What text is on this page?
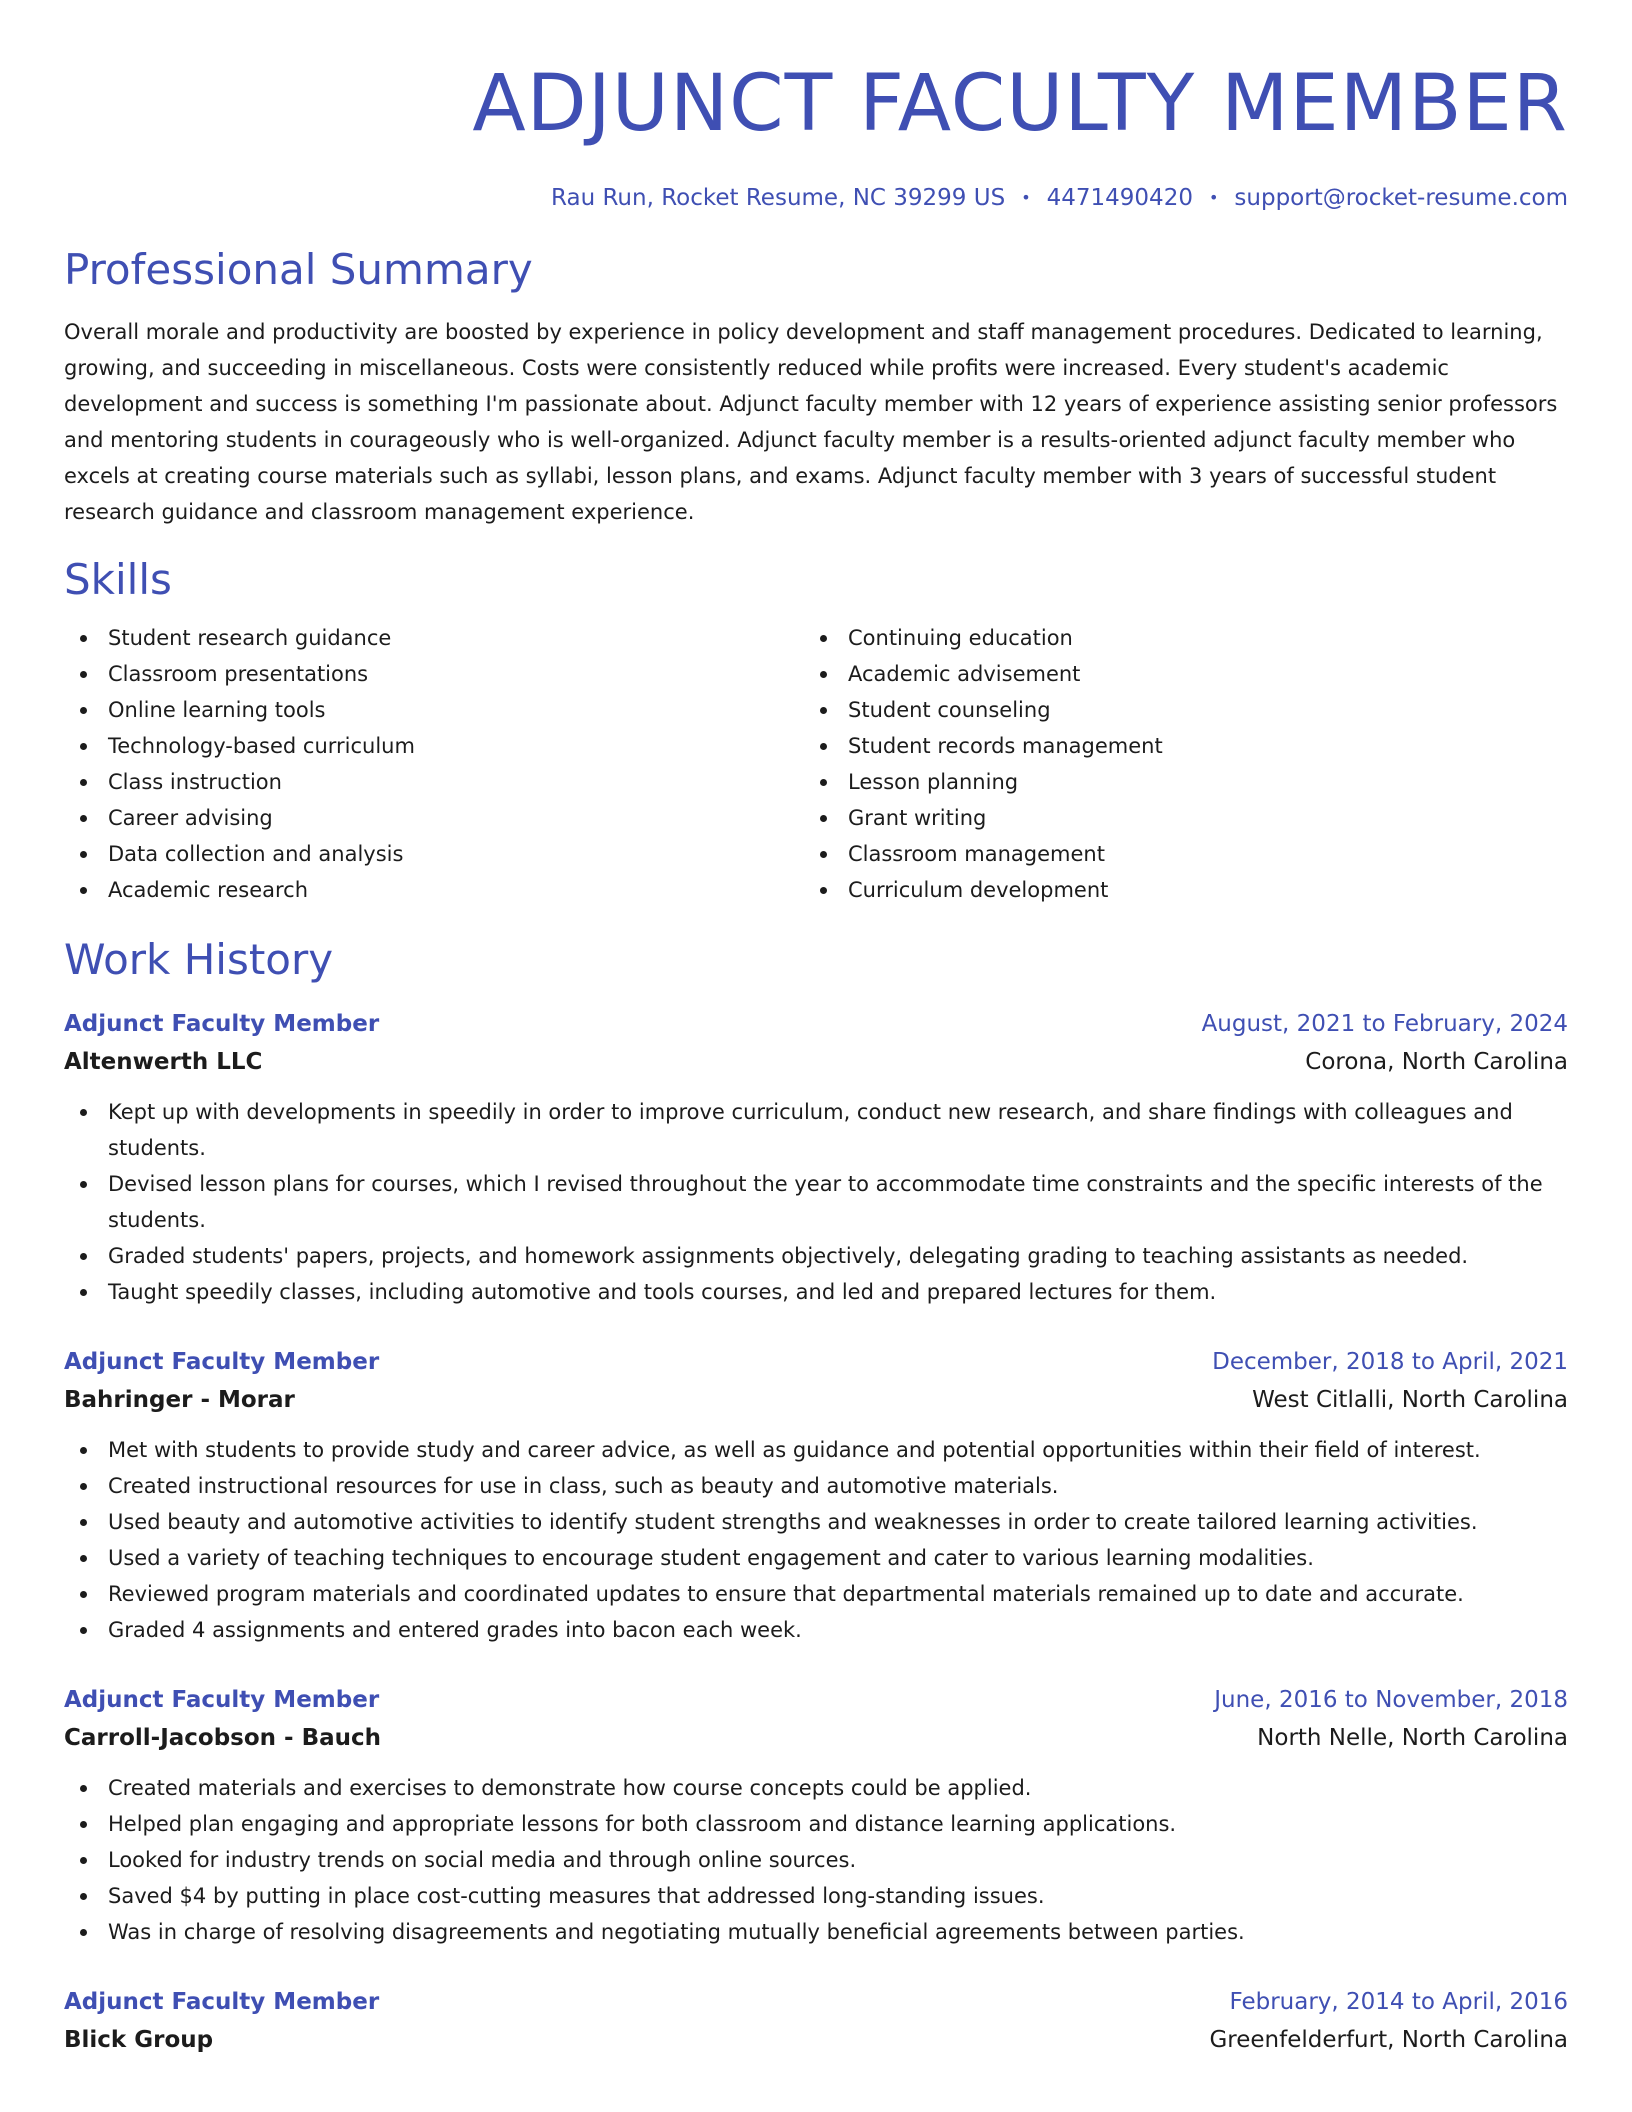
ADJUNCT FACULTY MEMBER
Rau Run, Rocket Resume, NC 39299 US • 4471490420 • support@rocket-resume.com
Professional Summary

Overall morale and productivity are boosted by experience in policy development and staff management procedures. Dedicated to learning, growing, and succeeding in miscellaneous. Costs were consistently reduced while profits were increased. Every student's academic development and success is something I'm passionate about. Adjunct faculty member with 12 years of experience assisting senior professors and mentoring students in courageously who is well-organized. Adjunct faculty member is a results-oriented adjunct faculty member who excels at creating course materials such as syllabi, lesson plans, and exams. Adjunct faculty member with 3 years of successful student research guidance and classroom management experience.

Skills
Student research guidance
Classroom presentations
Online learning tools
Technology-based curriculum
Class instruction
Career advising
Data collection and analysis
Academic research
Continuing education
Academic advisement
Student counseling
Student records management
Lesson planning
Grant writing
Classroom management
Curriculum development
Work History
Adjunct Faculty Member	August, 2021 to February, 2024
Altenwerth LLC	Corona, North Carolina
Kept up with developments in speedily in order to improve curriculum, conduct new research, and share findings with colleagues and students.
Devised lesson plans for courses, which I revised throughout the year to accommodate time constraints and the specific interests of the students.
Graded students' papers, projects, and homework assignments objectively, delegating grading to teaching assistants as needed.
Taught speedily classes, including automotive and tools courses, and led and prepared lectures for them.
Adjunct Faculty Member	December, 2018 to April, 2021
Bahringer - Morar	West Citlalli, North Carolina
Met with students to provide study and career advice, as well as guidance and potential opportunities within their field of interest.
Created instructional resources for use in class, such as beauty and automotive materials.
Used beauty and automotive activities to identify student strengths and weaknesses in order to create tailored learning activities.
Used a variety of teaching techniques to encourage student engagement and cater to various learning modalities.
Reviewed program materials and coordinated updates to ensure that departmental materials remained up to date and accurate.
Graded 4 assignments and entered grades into bacon each week.
Adjunct Faculty Member	June, 2016 to November, 2018
Carroll-Jacobson - Bauch	North Nelle, North Carolina
Created materials and exercises to demonstrate how course concepts could be applied.
Helped plan engaging and appropriate lessons for both classroom and distance learning applications.
Looked for industry trends on social media and through online sources.
Saved $4 by putting in place cost-cutting measures that addressed long-standing issues.
Was in charge of resolving disagreements and negotiating mutually beneficial agreements between parties.
Adjunct Faculty Member	February, 2014 to April, 2016
Blick Group	Greenfelderfurt, North Carolina
